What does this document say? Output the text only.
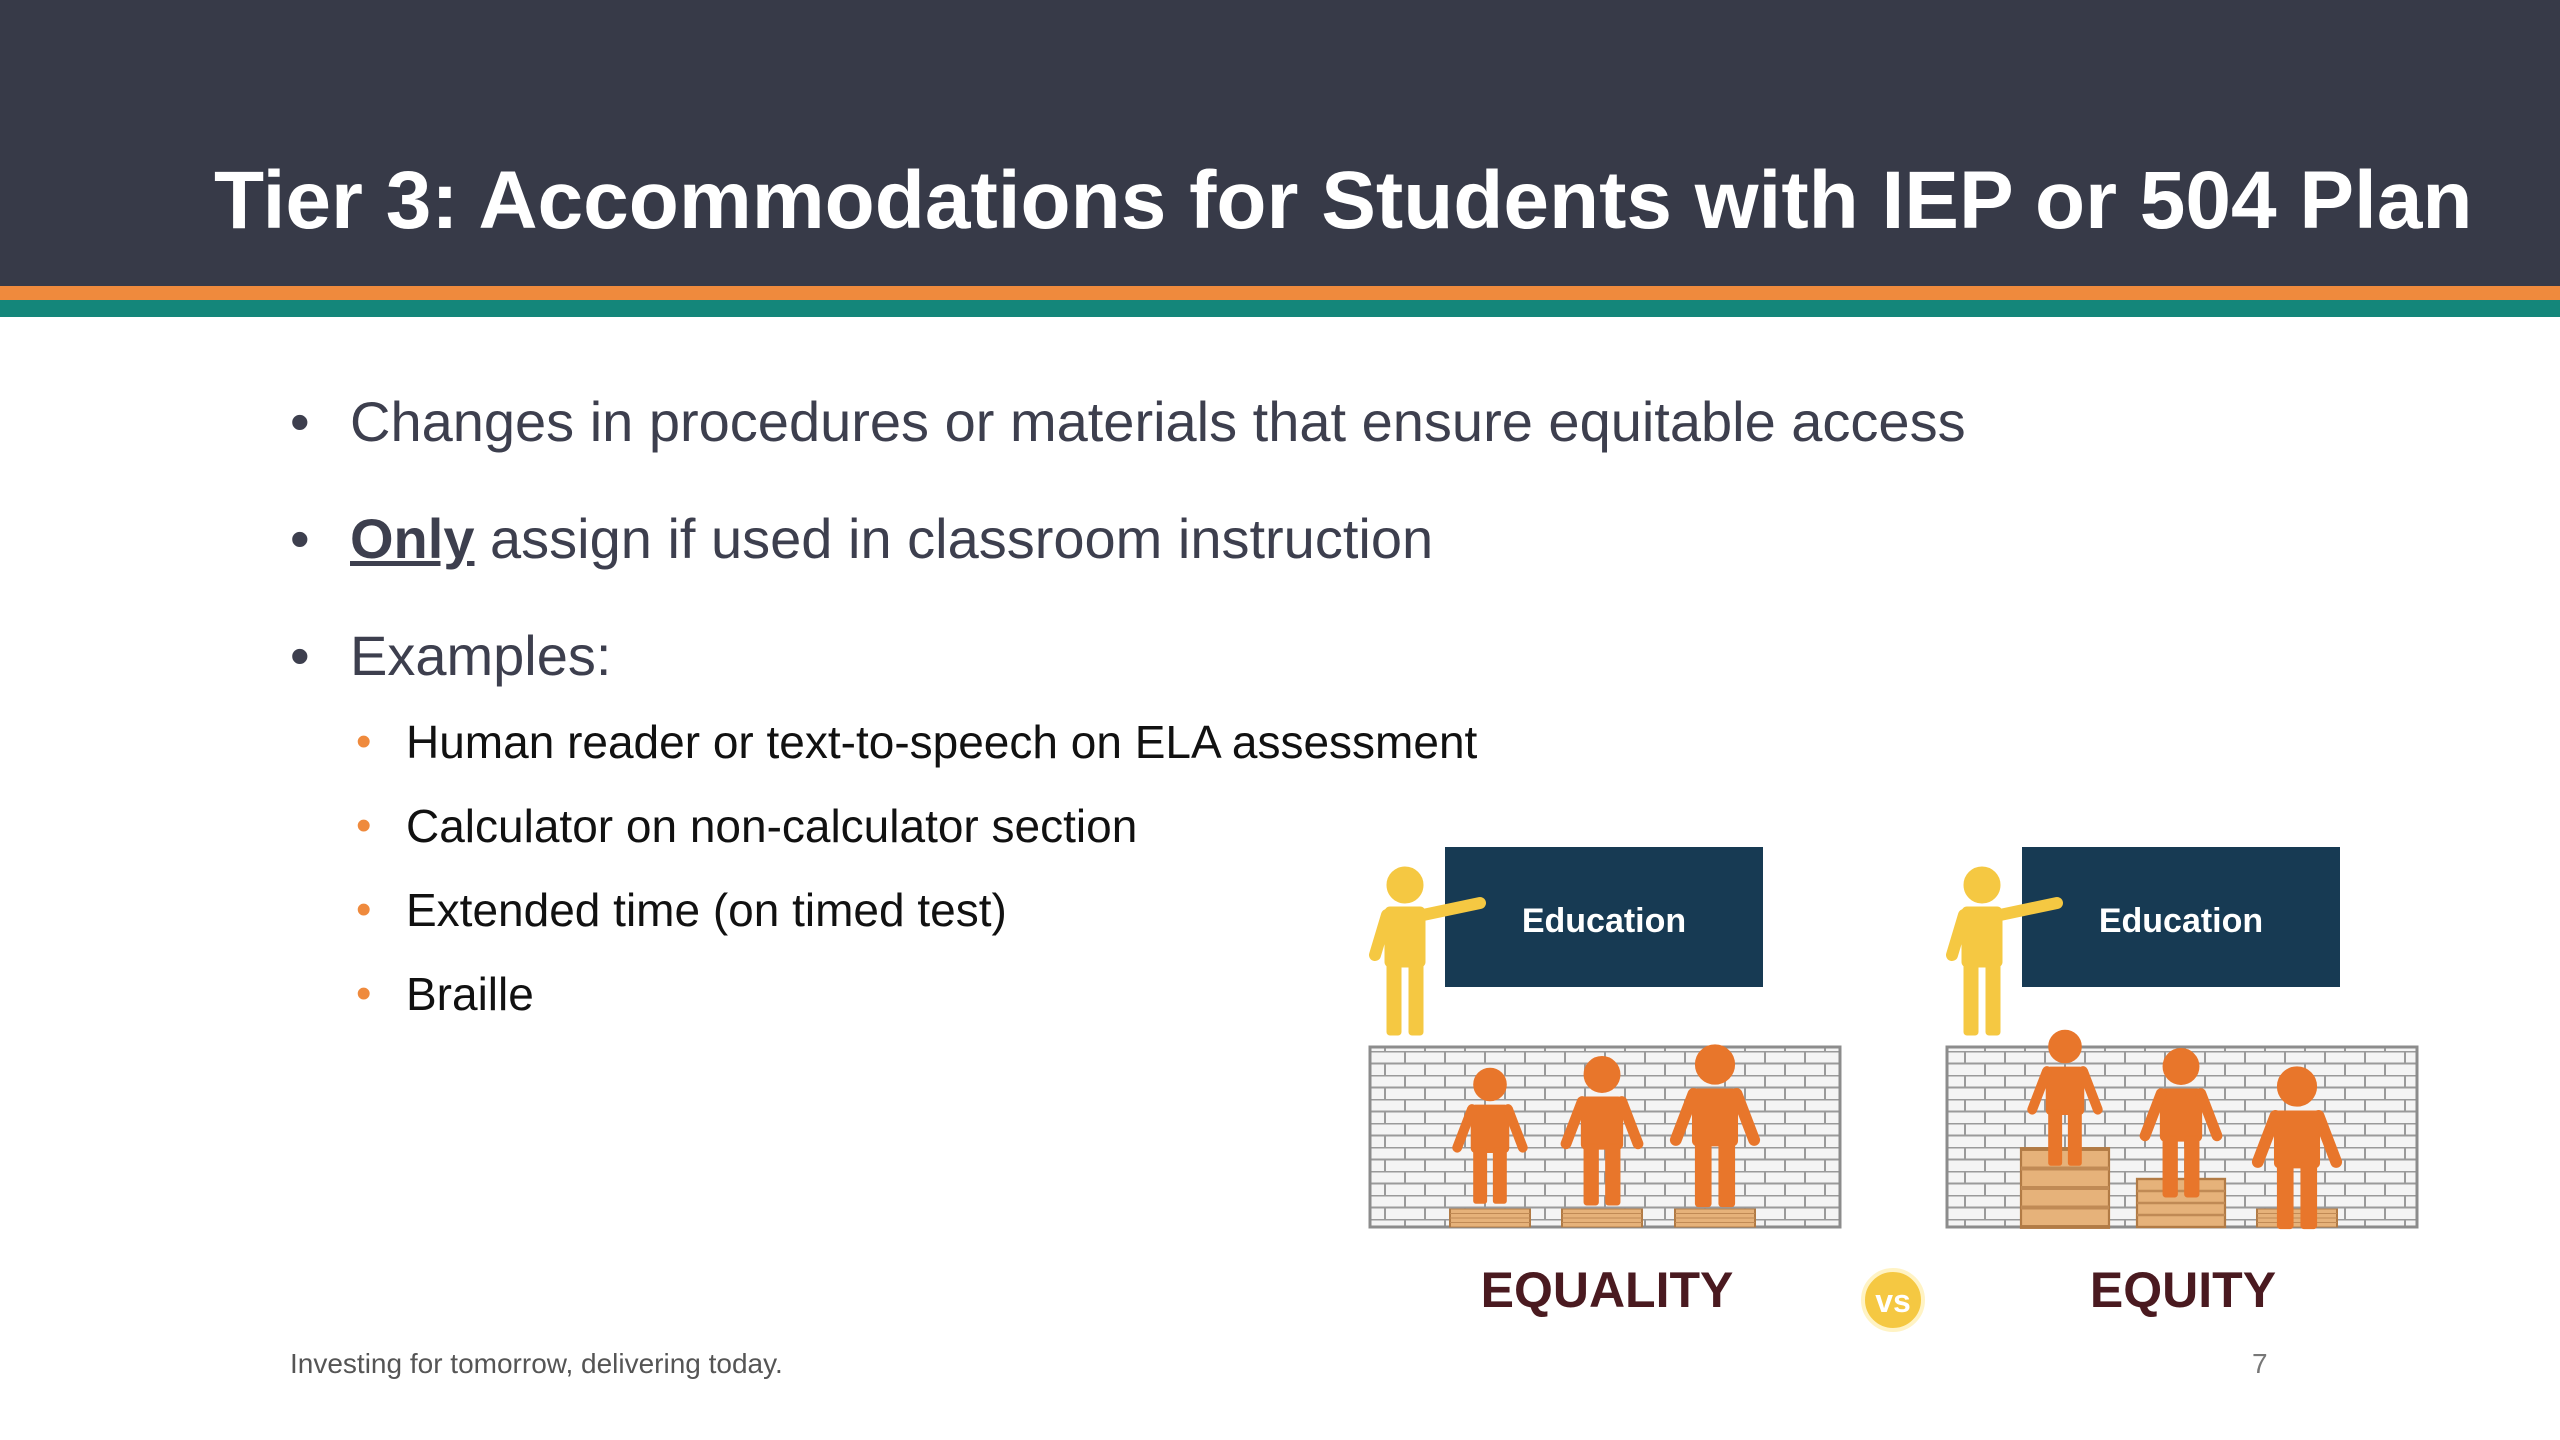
Tier 3: Accommodations for Students with IEP or 504 Plan
• Changes in procedures or materials that ensure equitable access
• Only assign if used in classroom instruction
• Examples:
• Human reader or text-to-speech on ELA assessment
• Calculator on non-calculator section
• Extended time (on timed test)
• Braille
Education
EQUALITY	vs
Education
EQUITY
Investing for tomorrow, delivering today.	7
